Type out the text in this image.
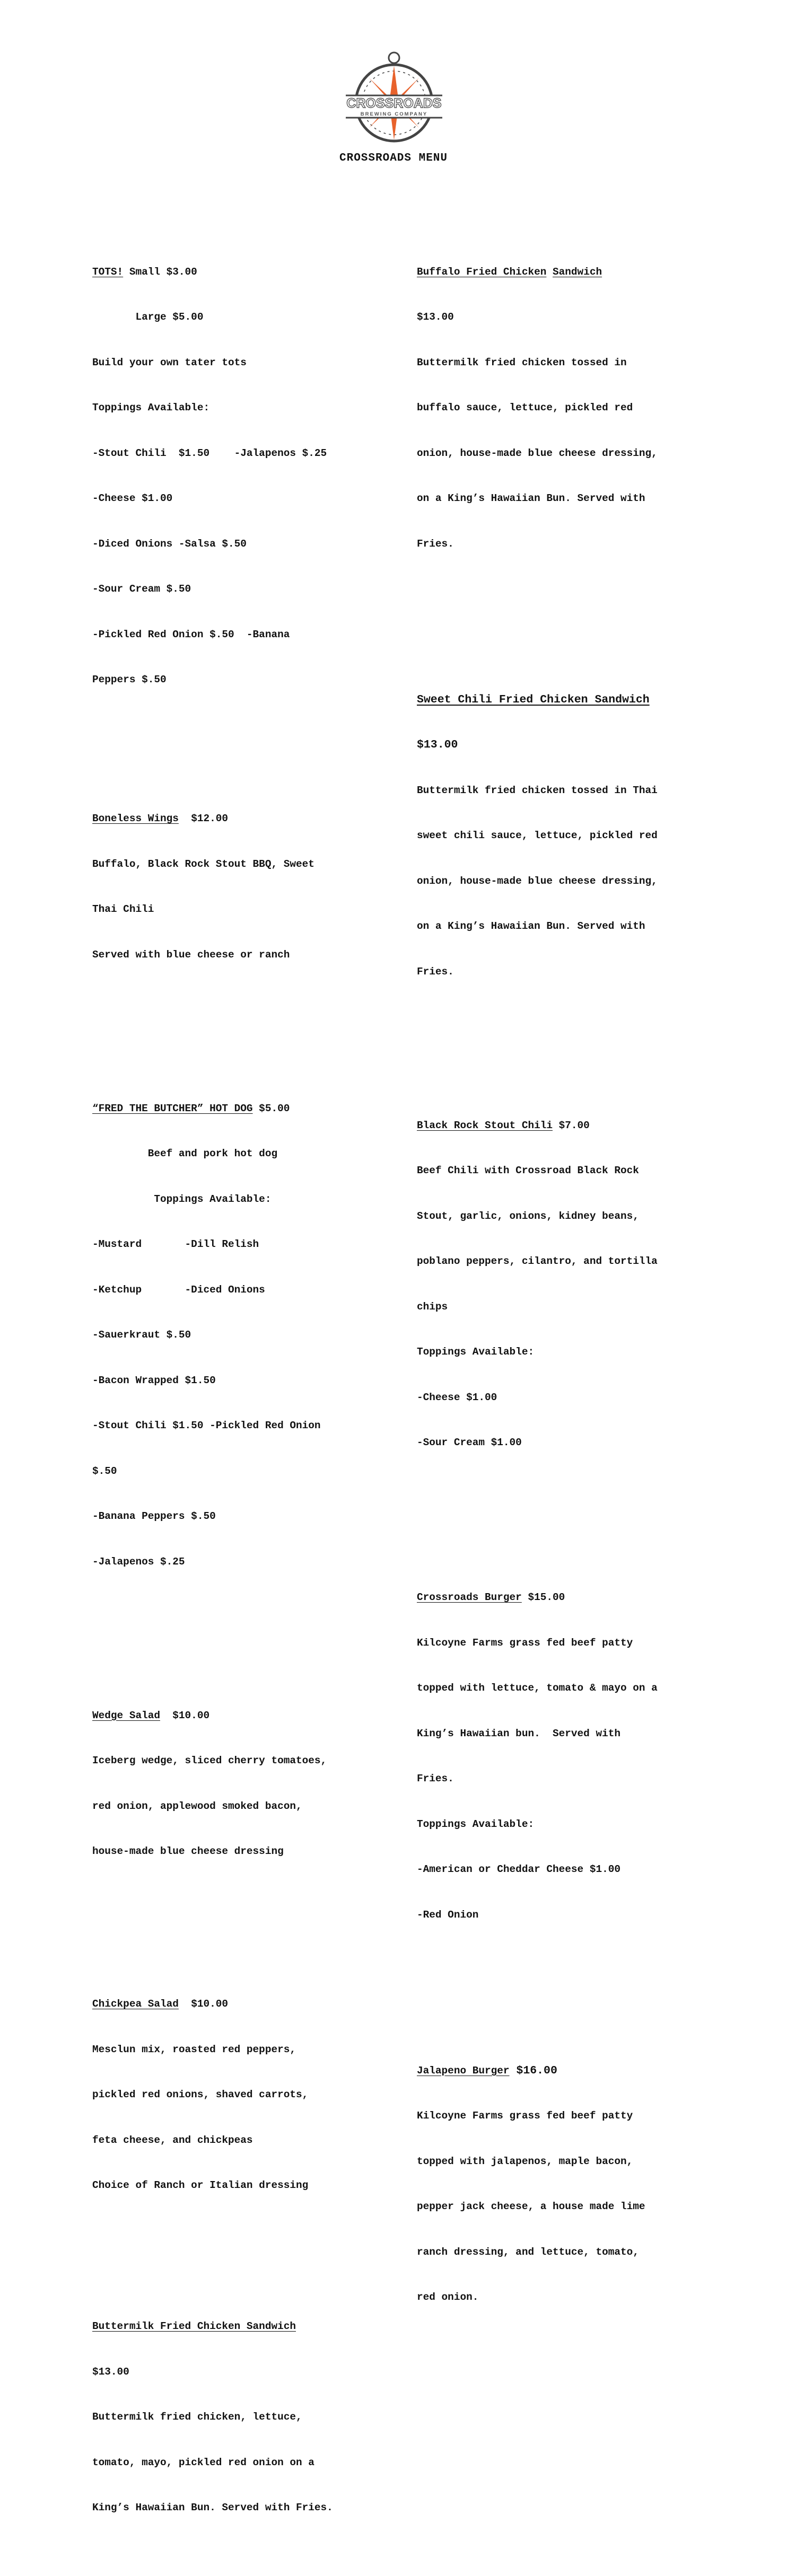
CROSSROADS
BREWING COMPANY
CROSSROADS MENU

TOTS! Small $3.00

Large $5.00

Build your own tater tots

Toppings Available:

-Stout Chili  $1.50    -Jalapenos $.25

-Cheese $1.00

-Diced Onions -Salsa $.50

-Sour Cream $.50

-Pickled Red Onion $.50  -Banana

Peppers $.50

Boneless Wings  $12.00

Buffalo, Black Rock Stout BBQ, Sweet

Thai Chili

Served with blue cheese or ranch

“FRED THE BUTCHER” HOT DOG $5.00

Beef and pork hot dog

Toppings Available:

-Mustard       -Dill Relish

-Ketchup       -Diced Onions

-Sauerkraut $.50

-Bacon Wrapped $1.50

-Stout Chili $1.50 -Pickled Red Onion

$.50

-Banana Peppers $.50

-Jalapenos $.25

Wedge Salad  $10.00

Iceberg wedge, sliced cherry tomatoes,

red onion, applewood smoked bacon,

house-made blue cheese dressing

Chickpea Salad  $10.00

Mesclun mix, roasted red peppers,

pickled red onions, shaved carrots,

feta cheese, and chickpeas

Choice of Ranch or Italian dressing

Buttermilk Fried Chicken Sandwich

$13.00

Buttermilk fried chicken, lettuce,

tomato, mayo, pickled red onion on a

King’s Hawaiian Bun. Served with Fries.

Buffalo Fried Chicken Sandwich

$13.00

Buttermilk fried chicken tossed in

buffalo sauce, lettuce, pickled red

onion, house-made blue cheese dressing,

on a King’s Hawaiian Bun. Served with

Fries.

Sweet Chili Fried Chicken Sandwich

$13.00

Buttermilk fried chicken tossed in Thai

sweet chili sauce, lettuce, pickled red

onion, house-made blue cheese dressing,

on a King’s Hawaiian Bun. Served with

Fries.

Black Rock Stout Chili $7.00

Beef Chili with Crossroad Black Rock

Stout, garlic, onions, kidney beans,

poblano peppers, cilantro, and tortilla

chips

Toppings Available:

-Cheese $1.00

-Sour Cream $1.00

Crossroads Burger $15.00

Kilcoyne Farms grass fed beef patty

topped with lettuce, tomato & mayo on a

King’s Hawaiian bun.  Served with

Fries.

Toppings Available:

-American or Cheddar Cheese $1.00

-Red Onion

Jalapeno Burger $16.00

Kilcoyne Farms grass fed beef patty

topped with jalapenos, maple bacon,

pepper jack cheese, a house made lime

ranch dressing, and lettuce, tomato,

red onion.
